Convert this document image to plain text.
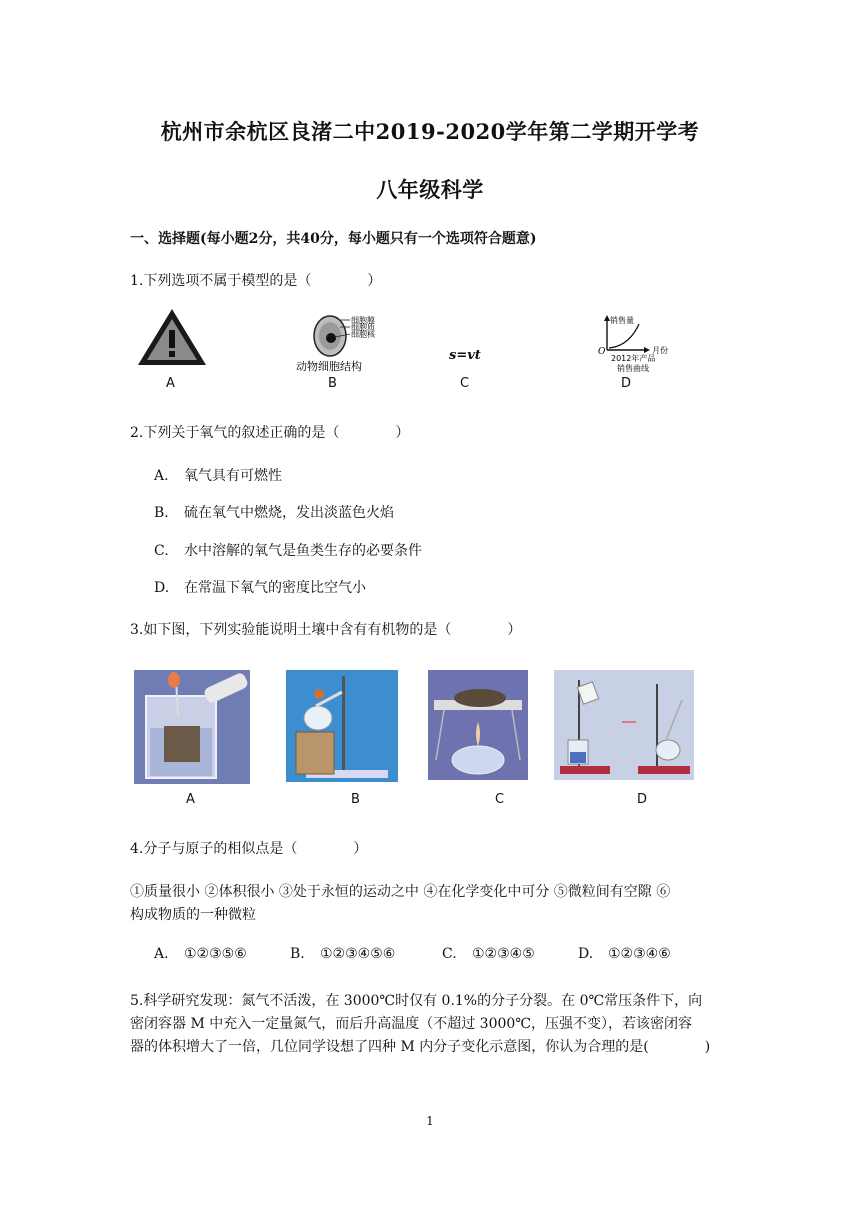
杭州市余杭区良渚二中2019-2020学年第二学期开学考
八年级科学
一、选择题(每小题2分，共40分，每小题只有一个选项符合题意)
1.下列选项不属于模型的是（　　　　）
细胞膜
细胞质
细胞核
动物细胞结构
s=vt
销售量
月份
O
2012年产品
销售曲线
A	B	C	D
2.下列关于氧气的叙述正确的是（　　　　）
A. 氧气具有可燃性
B. 硫在氧气中燃烧，发出淡蓝色火焰
C. 水中溶解的氧气是鱼类生存的必要条件
D. 在常温下氧气的密度比空气小
3.如下图，下列实验能说明土壤中含有有机物的是（　　　　）
A	B	C	D
4.分子与原子的相似点是（　　　　）
①质量很小 ②体积很小 ③处于永恒的运动之中 ④在化学变化中可分 ⑤微粒间有空隙 ⑥
构成物质的一种微粒
A. ①②③⑤⑥	B. ①②③④⑤⑥	C. ①②③④⑤	D. ①②③④⑥
5.科学研究发现：氮气不活泼，在 3000℃时仅有 0.1%的分子分裂。在 0℃常压条件下，向
密闭容器 M 中充入一定量氮气，而后升高温度（不超过 3000℃，压强不变），若该密闭容
器的体积增大了一倍，几位同学设想了四种 M 内分子变化示意图，你认为合理的是(　　　　)
1
